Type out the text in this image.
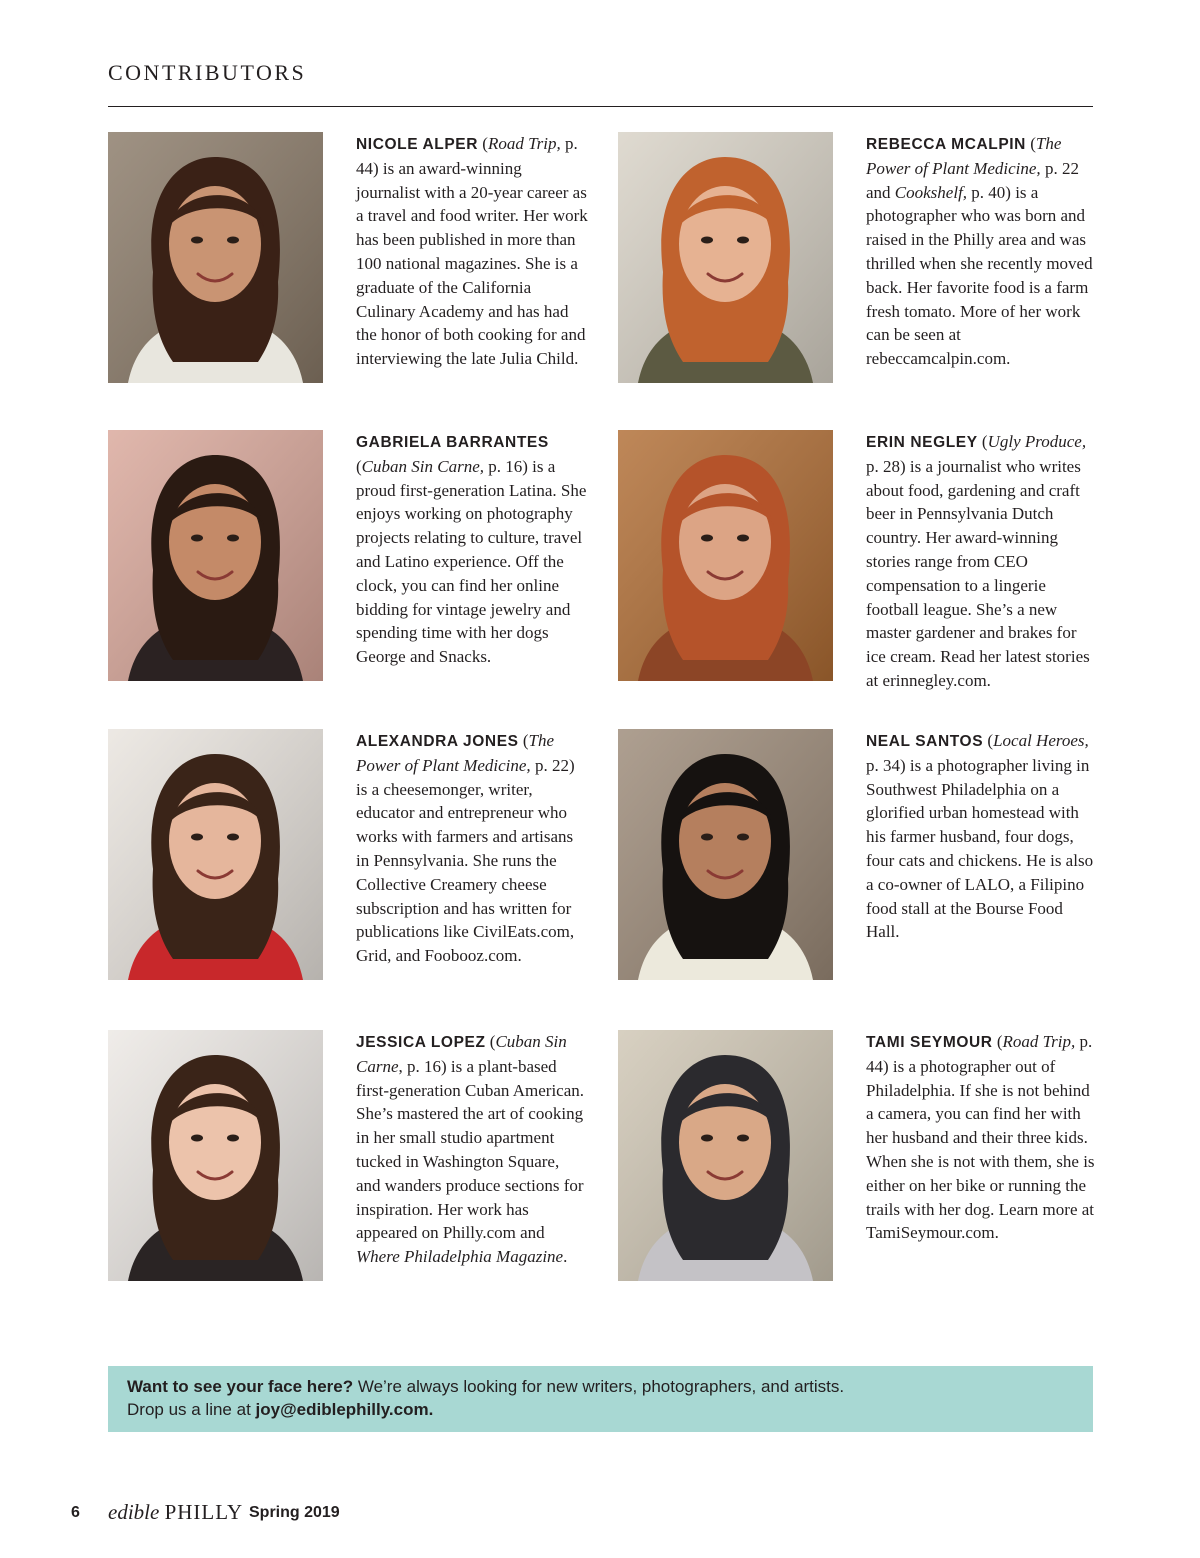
CONTRIBUTORS
NICOLE ALPER (Road Trip, p. 44) is an award-winning journalist with a 20-year career as a travel and food writer. Her work has been published in more than 100 national magazines. She is a graduate of the California Culinary Academy and has had the honor of both cooking for and interviewing the late Julia Child.
REBECCA MCALPIN (The Power of Plant Medicine, p. 22 and Cookshelf, p. 40) is a photographer who was born and raised in the Philly area and was thrilled when she recently moved back. Her favorite food is a farm fresh tomato. More of her work can be seen at rebeccamcalpin.com.
GABRIELA BARRANTES (Cuban Sin Carne, p. 16) is a proud first-generation Latina. She enjoys working on photography projects relating to culture, travel and Latino experience. Off the clock, you can find her online bidding for vintage jewelry and spending time with her dogs George and Snacks.
ERIN NEGLEY (Ugly Produce, p. 28) is a journalist who writes about food, gardening and craft beer in Pennsylvania Dutch country. Her award-winning stories range from CEO compensation to a lingerie football league. She’s a new master gardener and brakes for ice cream. Read her latest stories at erinnegley.com.
ALEXANDRA JONES (The Power of Plant Medicine, p. 22) is a cheesemonger, writer, educator and entrepreneur who works with farmers and artisans in Pennsylvania. She runs the Collective Creamery cheese subscription and has written for publications like CivilEats.com, Grid, and Foobooz.com.
NEAL SANTOS (Local Heroes, p. 34) is a photographer living in Southwest Philadelphia on a glorified urban homestead with his farmer husband, four dogs, four cats and chickens. He is also a co-owner of LALO, a Filipino food stall at the Bourse Food Hall.
JESSICA LOPEZ (Cuban Sin Carne, p. 16) is a plant-based first-generation Cuban American. She’s mastered the art of cooking in her small studio apartment tucked in Washington Square, and wanders produce sections for inspiration. Her work has appeared on Philly.com and Where Philadelphia Magazine.
TAMI SEYMOUR (Road Trip, p. 44) is a photographer out of Philadelphia. If she is not behind a camera, you can find her with her husband and their three kids. When she is not with them, she is either on her bike or running the trails with her dog. Learn more at TamiSeymour.com.
Want to see your face here? We’re always looking for new writers, photographers, and artists.
Drop us a line at joy@ediblephilly.com.
6 edible PHILLY Spring 2019
